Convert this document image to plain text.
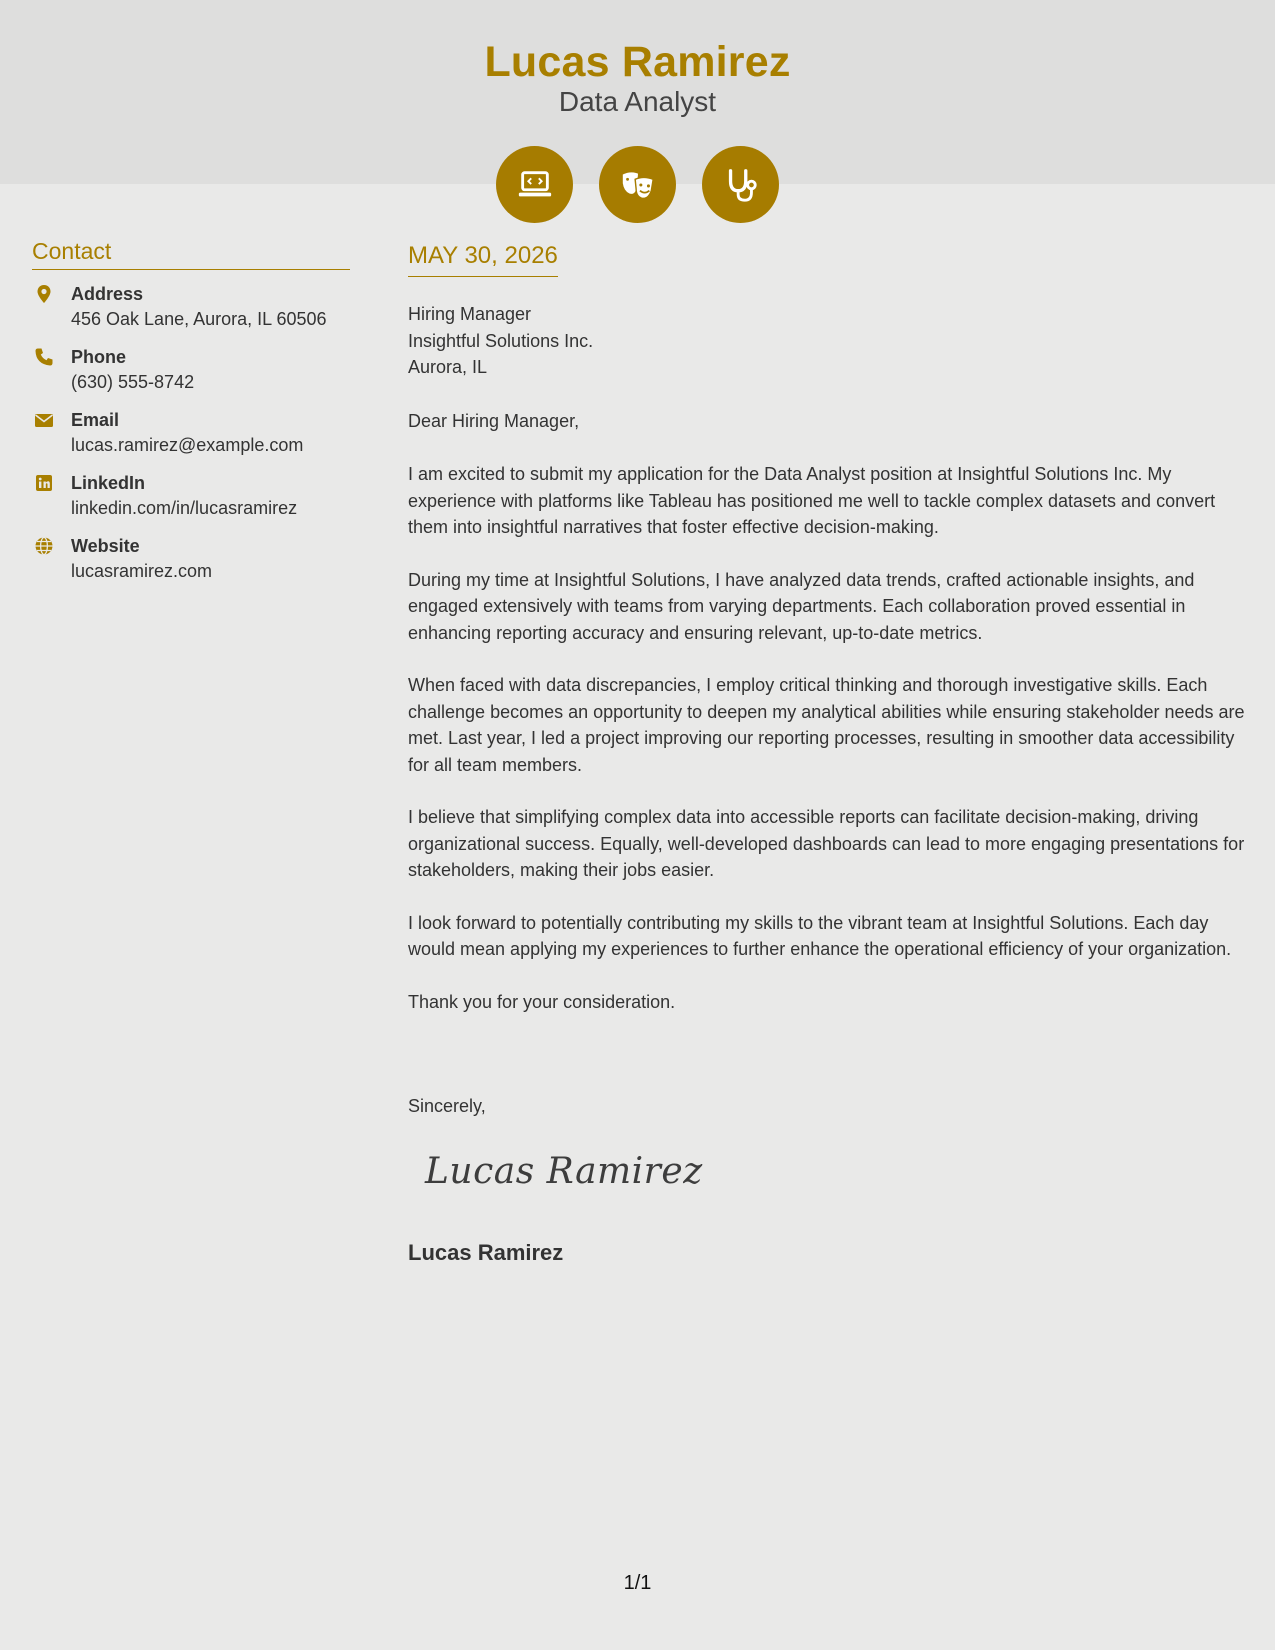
Lucas Ramirez
Data Analyst
Contact
Address
456 Oak Lane, Aurora, IL 60506
Phone
(630) 555-8742
Email
lucas.ramirez@example.com
LinkedIn
linkedin.com/in/lucasramirez
Website
lucasramirez.com
MAY 30, 2026
Hiring Manager
Insightful Solutions Inc.
Aurora, IL
Dear Hiring Manager,

I am excited to submit my application for the Data Analyst position at Insightful Solutions Inc. My experience with platforms like Tableau has positioned me well to tackle complex datasets and convert them into insightful narratives that foster effective decision-making.

During my time at Insightful Solutions, I have analyzed data trends, crafted actionable insights, and engaged extensively with teams from varying departments. Each collaboration proved essential in enhancing reporting accuracy and ensuring relevant, up-to-date metrics.

When faced with data discrepancies, I employ critical thinking and thorough investigative skills. Each challenge becomes an opportunity to deepen my analytical abilities while ensuring stakeholder needs are met. Last year, I led a project improving our reporting processes, resulting in smoother data accessibility for all team members.

I believe that simplifying complex data into accessible reports can facilitate decision-making, driving organizational success. Equally, well-developed dashboards can lead to more engaging presentations for stakeholders, making their jobs easier.

I look forward to potentially contributing my skills to the vibrant team at Insightful Solutions. Each day would mean applying my experiences to further enhance the operational efficiency of your organization.

Thank you for your consideration.

Sincerely,
Lucas Ramirez
Lucas Ramirez
1/1
